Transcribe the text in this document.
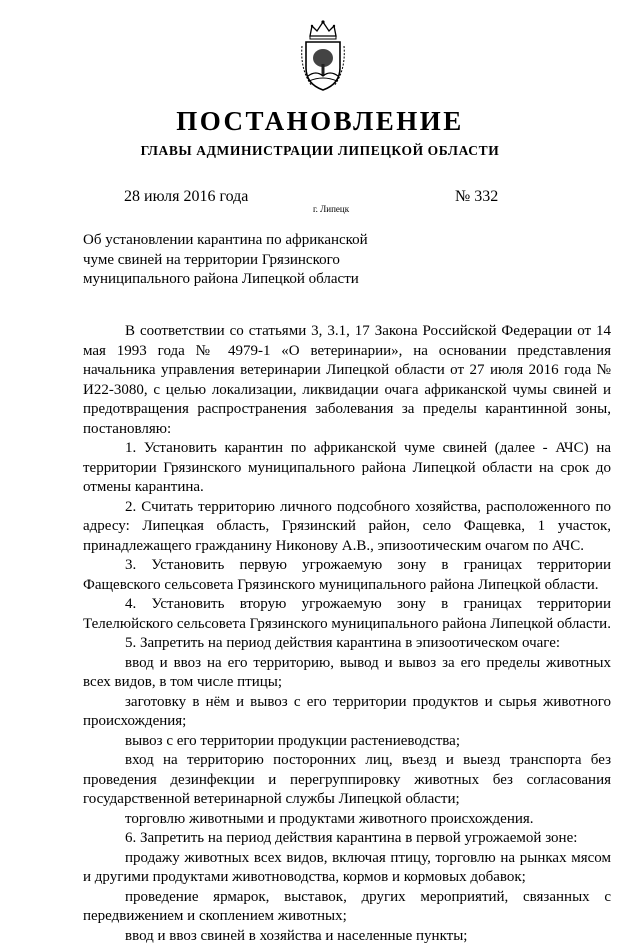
ПОСТАНОВЛЕНИЕ
ГЛАВЫ АДМИНИСТРАЦИИ ЛИПЕЦКОЙ ОБЛАСТИ
28 июля 2016 года
г. Липецк
№ 332
Об установлении карантина по африканской чуме свиней на территории Грязинского муниципального района Липецкой области

В соответствии со статьями 3, 3.1, 17 Закона Российской Федерации от 14 мая 1993 года № 4979-1 «О ветеринарии», на основании представления начальника управления ветеринарии Липецкой области от 27 июля 2016 года № И22-3080, с целью локализации, ликвидации очага африканской чумы свиней и предотвращения распространения заболевания за пределы карантинной зоны, постановляю:

1. Установить карантин по африканской чуме свиней (далее - АЧС) на территории Грязинского муниципального района Липецкой области на срок до отмены карантина.

2. Считать территорию личного подсобного хозяйства, расположенного по адресу: Липецкая область, Грязинский район, село Фащевка, 1 участок, принадлежащего гражданину Никонову А.В., эпизоотическим очагом по АЧС.

3. Установить первую угрожаемую зону в границах территории Фащевского сельсовета Грязинского муниципального района Липецкой области.

4. Установить вторую угрожаемую зону в границах территории Телелюйского сельсовета Грязинского муниципального района Липецкой области.

5. Запретить на период действия карантина в эпизоотическом очаге:

ввод и ввоз на его территорию, вывод и вывоз за его пределы животных всех видов, в том числе птицы;

заготовку в нём и вывоз с его территории продуктов и сырья животного происхождения;

вывоз с его территории продукции растениеводства;

вход на территорию посторонних лиц, въезд и выезд транспорта без проведения дезинфекции и перегруппировку животных без согласования государственной ветеринарной службы Липецкой области;

торговлю животными и продуктами животного происхождения.

6. Запретить на период действия карантина в первой угрожаемой зоне:

продажу животных всех видов, включая птицу, торговлю на рынках мясом и другими продуктами животноводства, кормов и кормовых добавок;

проведение ярмарок, выставок, других мероприятий, связанных с передвижением и скоплением животных;

ввод и ввоз свиней в хозяйства и населенные пункты;
